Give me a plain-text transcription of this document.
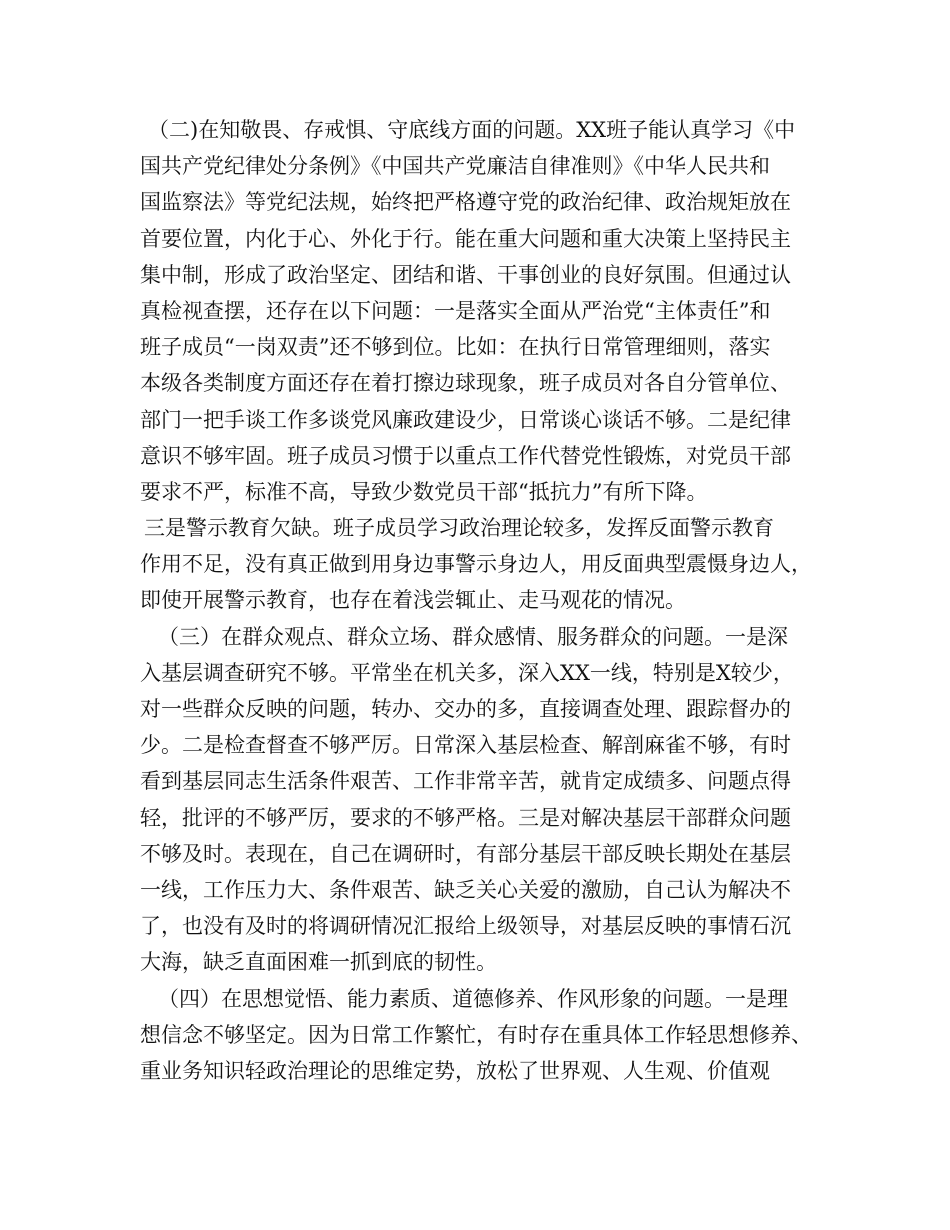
（二)在知敬畏、存戒惧、守底线方面的问题。XX班子能认真学习《中
国共产党纪律处分条例》《中国共产党廉洁自律准则》《中华人民共和
国监察法》等党纪法规，始终把严格遵守党的政治纪律、政治规矩放在
首要位置，内化于心、外化于行。能在重大问题和重大决策上坚持民主
集中制，形成了政治坚定、团结和谐、干事创业的良好氛围。但通过认
真检视查摆，还存在以下问题：一是落实全面从严治党“主体责任”和
班子成员“一岗双责”还不够到位。比如：在执行日常管理细则，落实
本级各类制度方面还存在着打擦边球现象，班子成员对各自分管单位、
部门一把手谈工作多谈党风廉政建设少，日常谈心谈话不够。二是纪律
意识不够牢固。班子成员习惯于以重点工作代替党性锻炼，对党员干部
要求不严，标准不高，导致少数党员干部“抵抗力”有所下降。
三是警示教育欠缺。班子成员学习政治理论较多，发挥反面警示教育
作用不足，没有真正做到用身边事警示身边人，用反面典型震慑身边人，
即使开展警示教育，也存在着浅尝辄止、走马观花的情况。
（三）在群众观点、群众立场、群众感情、服务群众的问题。一是深
入基层调查研究不够。平常坐在机关多，深入XX一线，特别是X较少，
对一些群众反映的问题，转办、交办的多，直接调查处理、跟踪督办的
少。二是检查督查不够严厉。日常深入基层检查、解剖麻雀不够，有时
看到基层同志生活条件艰苦、工作非常辛苦，就肯定成绩多、问题点得
轻，批评的不够严厉，要求的不够严格。三是对解决基层干部群众问题
不够及时。表现在，自己在调研时，有部分基层干部反映长期处在基层
一线，工作压力大、条件艰苦、缺乏关心关爱的激励，自己认为解决不
了，也没有及时的将调研情况汇报给上级领导，对基层反映的事情石沉
大海，缺乏直面困难一抓到底的韧性。
（四）在思想觉悟、能力素质、道德修养、作风形象的问题。一是理
想信念不够坚定。因为日常工作繁忙，有时存在重具体工作轻思想修养、
重业务知识轻政治理论的思维定势，放松了世界观、人生观、价值观
